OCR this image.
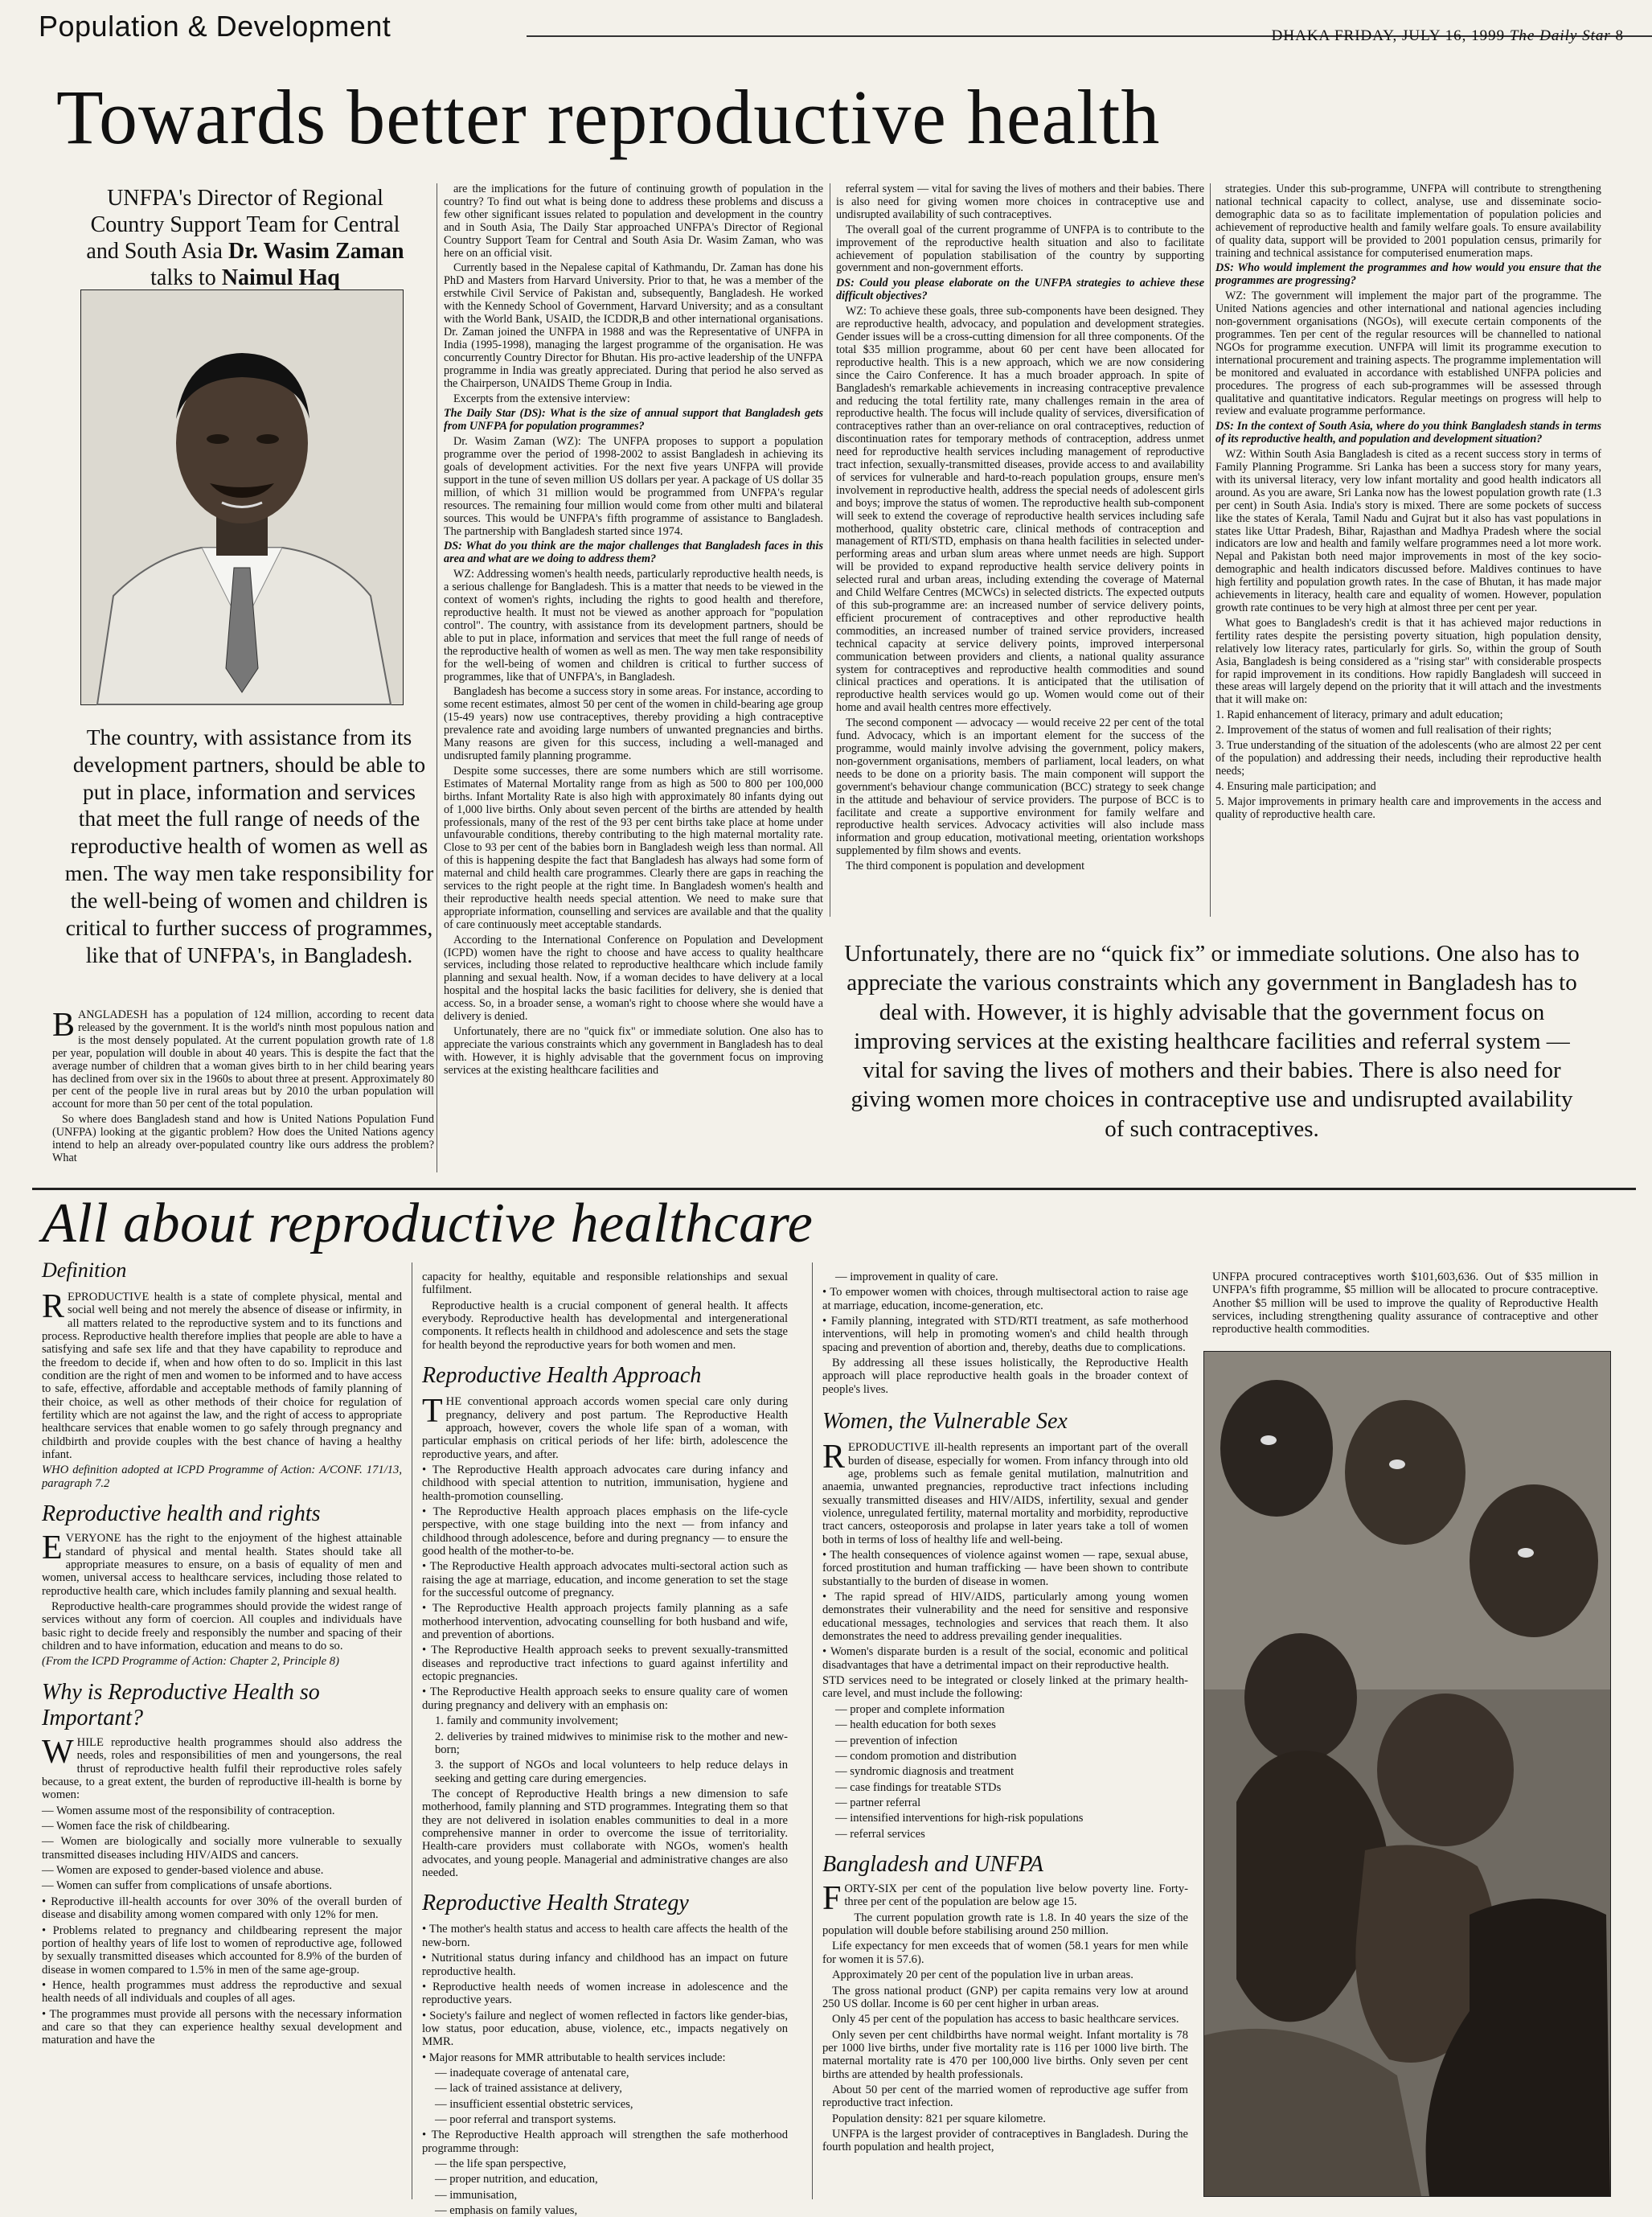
Population & Development	DHAKA FRIDAY, JULY 16, 1999 The Daily Star 8
Towards better reproductive health
UNFPA's Director of Regional Country Support Team for Central and South Asia Dr. Wasim Zaman
talks to Naimul Haq
The country, with assistance from its development partners, should be able to put in place, information and services that meet the full range of needs of the reproductive health of women as well as men. The way men take responsibility for the well-being of women and children is critical to further success of programmes, like that of UNFPA's, in Bangladesh.

BANGLADESH has a population of 124 million, according to recent data released by the government. It is the world's ninth most populous nation and is the most densely populated. At the current population growth rate of 1.8 per year, population will double in about 40 years. This is despite the fact that the average number of children that a woman gives birth to in her child bearing years has declined from over six in the 1960s to about three at present. Approximately 80 per cent of the people live in rural areas but by 2010 the urban population will account for more than 50 per cent of the total population.

So where does Bangladesh stand and how is United Nations Population Fund (UNFPA) looking at the gigantic problem? How does the United Nations agency intend to help an already over-populated country like ours address the problem? What

are the implications for the future of continuing growth of population in the country? To find out what is being done to address these problems and discuss a few other significant issues related to population and development in the country and in South Asia, The Daily Star approached UNFPA's Director of Regional Country Support Team for Central and South Asia Dr. Wasim Zaman, who was here on an official visit.

Currently based in the Nepalese capital of Kathmandu, Dr. Zaman has done his PhD and Masters from Harvard University. Prior to that, he was a member of the erstwhile Civil Service of Pakistan and, subsequently, Bangladesh. He worked with the Kennedy School of Government, Harvard University; and as a consultant with the World Bank, USAID, the ICDDR,B and other international organisations. Dr. Zaman joined the UNFPA in 1988 and was the Representative of UNFPA in India (1995-1998), managing the largest programme of the organisation. He was concurrently Country Director for Bhutan. His pro-active leadership of the UNFPA programme in India was greatly appreciated. During that period he also served as the Chairperson, UNAIDS Theme Group in India.

Excerpts from the extensive interview:

The Daily Star (DS): What is the size of annual support that Bangladesh gets from UNFPA for population programmes?

Dr. Wasim Zaman (WZ): The UNFPA proposes to support a population programme over the period of 1998-2002 to assist Bangladesh in achieving its goals of development activities. For the next five years UNFPA will provide support in the tune of seven million US dollars per year. A package of US dollar 35 million, of which 31 million would be programmed from UNFPA's regular resources. The remaining four million would come from other multi and bilateral sources. This would be UNFPA's fifth programme of assistance to Bangladesh. The partnership with Bangladesh started since 1974.

DS: What do you think are the major challenges that Bangladesh faces in this area and what are we doing to address them?

WZ: Addressing women's health needs, particularly reproductive health needs, is a serious challenge for Bangladesh. This is a matter that needs to be viewed in the context of women's rights, including the rights to good health and therefore, reproductive health. It must not be viewed as another approach for "population control". The country, with assistance from its development partners, should be able to put in place, information and services that meet the full range of needs of the reproductive health of women as well as men. The way men take responsibility for the well-being of women and children is critical to further success of programmes, like that of UNFPA's, in Bangladesh.

Bangladesh has become a success story in some areas. For instance, according to some recent estimates, almost 50 per cent of the women in child-bearing age group (15-49 years) now use contraceptives, thereby providing a high contraceptive prevalence rate and avoiding large numbers of unwanted pregnancies and births. Many reasons are given for this success, including a well-managed and undisrupted family planning programme.

Despite some successes, there are some numbers which are still worrisome. Estimates of Maternal Mortality range from as high as 500 to 800 per 100,000 births. Infant Mortality Rate is also high with approximately 80 infants dying out of 1,000 live births. Only about seven percent of the births are attended by health professionals, many of the rest of the 93 per cent births take place at home under unfavourable conditions, thereby contributing to the high maternal mortality rate. Close to 93 per cent of the babies born in Bangladesh weigh less than normal. All of this is happening despite the fact that Bangladesh has always had some form of maternal and child health care programmes. Clearly there are gaps in reaching the services to the right people at the right time. In Bangladesh women's health and their reproductive health needs special attention. We need to make sure that appropriate information, counselling and services are available and that the quality of care continuously meet acceptable standards.

According to the International Conference on Population and Development (ICPD) women have the right to choose and have access to quality healthcare services, including those related to reproductive healthcare which include family planning and sexual health. Now, if a woman decides to have delivery at a local hospital and the hospital lacks the basic facilities for delivery, she is denied that access. So, in a broader sense, a woman's right to choose where she would have a delivery is denied.

Unfortunately, there are no "quick fix" or immediate solution. One also has to appreciate the various constraints which any government in Bangladesh has to deal with. However, it is highly advisable that the government focus on improving services at the existing healthcare facilities and

referral system — vital for saving the lives of mothers and their babies. There is also need for giving women more choices in contraceptive use and undisrupted availability of such contraceptives.

The overall goal of the current programme of UNFPA is to contribute to the improvement of the reproductive health situation and also to facilitate achievement of population stabilisation of the country by supporting government and non-government efforts.

DS: Could you please elaborate on the UNFPA strategies to achieve these difficult objectives?

WZ: To achieve these goals, three sub-components have been designed. They are reproductive health, advocacy, and population and development strategies. Gender issues will be a cross-cutting dimension for all three components. Of the total $35 million programme, about 60 per cent have been allocated for reproductive health. This is a new approach, which we are now considering since the Cairo Conference. It has a much broader approach. In spite of Bangladesh's remarkable achievements in increasing contraceptive prevalence and reducing the total fertility rate, many challenges remain in the area of reproductive health. The focus will include quality of services, diversification of contraceptives rather than an over-reliance on oral contraceptives, reduction of discontinuation rates for temporary methods of contraception, address unmet need for reproductive health services including management of reproductive tract infection, sexually-transmitted diseases, provide access to and availability of services for vulnerable and hard-to-reach population groups, ensure men's involvement in reproductive health, address the special needs of adolescent girls and boys; improve the status of women. The reproductive health sub-component will seek to extend the coverage of reproductive health services including safe motherhood, quality obstetric care, clinical methods of contraception and management of RTI/STD, emphasis on thana health facilities in selected under-performing areas and urban slum areas where unmet needs are high. Support will be provided to expand reproductive health service delivery points in selected rural and urban areas, including extending the coverage of Maternal and Child Welfare Centres (MCWCs) in selected districts. The expected outputs of this sub-programme are: an increased number of service delivery points, efficient procurement of contraceptives and other reproductive health commodities, an increased number of trained service providers, increased technical capacity at service delivery points, improved interpersonal communication between providers and clients, a national quality assurance system for contraceptives and reproductive health commodities and sound clinical practices and operations. It is anticipated that the utilisation of reproductive health services would go up. Women would come out of their home and avail health centres more effectively.

The second component — advocacy — would receive 22 per cent of the total fund. Advocacy, which is an important element for the success of the programme, would mainly involve advising the government, policy makers, non-government organisations, members of parliament, local leaders, on what needs to be done on a priority basis. The main component will support the government's behaviour change communication (BCC) strategy to seek change in the attitude and behaviour of service providers. The purpose of BCC is to facilitate and create a supportive environment for family welfare and reproductive health services. Advocacy activities will also include mass information and group education, motivational meeting, orientation workshops supplemented by film shows and events.

The third component is population and development

strategies. Under this sub-programme, UNFPA will contribute to strengthening national technical capacity to collect, analyse, use and disseminate socio-demographic data so as to facilitate implementation of population policies and achievement of reproductive health and family welfare goals. To ensure availability of quality data, support will be provided to 2001 population census, primarily for training and technical assistance for computerised enumeration maps.

DS: Who would implement the programmes and how would you ensure that the programmes are progressing?

WZ: The government will implement the major part of the programme. The United Nations agencies and other international and national agencies including non-government organisations (NGOs), will execute certain components of the programmes. Ten per cent of the regular resources will be channelled to national NGOs for programme execution. UNFPA will limit its programme execution to international procurement and training aspects. The programme implementation will be monitored and evaluated in accordance with established UNFPA policies and procedures. The progress of each sub-programmes will be assessed through qualitative and quantitative indicators. Regular meetings on progress will help to review and evaluate programme performance.

DS: In the context of South Asia, where do you think Bangladesh stands in terms of its reproductive health, and population and development situation?

WZ: Within South Asia Bangladesh is cited as a recent success story in terms of Family Planning Programme. Sri Lanka has been a success story for many years, with its universal literacy, very low infant mortality and good health indicators all around. As you are aware, Sri Lanka now has the lowest population growth rate (1.3 per cent) in South Asia. India's story is mixed. There are some pockets of success like the states of Kerala, Tamil Nadu and Gujrat but it also has vast populations in states like Uttar Pradesh, Bihar, Rajasthan and Madhya Pradesh where the social indicators are low and health and family welfare programmes need a lot more work. Nepal and Pakistan both need major improvements in most of the key socio-demographic and health indicators discussed before. Maldives continues to have high fertility and population growth rates. In the case of Bhutan, it has made major achievements in literacy, health care and equality of women. However, population growth rate continues to be very high at almost three per cent per year.

What goes to Bangladesh's credit is that it has achieved major reductions in fertility rates despite the persisting poverty situation, high population density, relatively low literacy rates, particularly for girls. So, within the group of South Asia, Bangladesh is being considered as a "rising star" with considerable prospects for rapid improvement in its conditions. How rapidly Bangladesh will succeed in these areas will largely depend on the priority that it will attach and the investments that it will make on:

1. Rapid enhancement of literacy, primary and adult education;

2. Improvement of the status of women and full realisation of their rights;

3. True understanding of the situation of the adolescents (who are almost 22 per cent of the population) and addressing their needs, including their reproductive health needs;

4. Ensuring male participation; and

5. Major improvements in primary health care and improvements in the access and quality of reproductive health care.

Unfortunately, there are no “quick fix” or immediate solutions. One also has to appreciate the various constraints which any government in Bangladesh has to deal with. However, it is highly advisable that the government focus on improving services at the existing healthcare facilities and referral system — vital for saving the lives of mothers and their babies. There is also need for giving women more choices in contraceptive use and undisrupted availability of such contraceptives.
All about reproductive healthcare
Definition

REPRODUCTIVE health is a state of complete physical, mental and social well being and not merely the absence of disease or infirmity, in all matters related to the reproductive system and to its functions and process. Reproductive health therefore implies that people are able to have a satisfying and safe sex life and that they have capability to reproduce and the freedom to decide if, when and how often to do so. Implicit in this last condition are the right of men and women to be informed and to have access to safe, effective, affordable and acceptable methods of family planning of their choice, as well as other methods of their choice for regulation of fertility which are not against the law, and the right of access to appropriate healthcare services that enable women to go safely through pregnancy and childbirth and provide couples with the best chance of having a healthy infant.

WHO definition adopted at ICPD Programme of Action: A/CONF. 171/13, paragraph 7.2

Reproductive health and rights

EVERYONE has the right to the enjoyment of the highest attainable standard of physical and mental health. States should take all appropriate measures to ensure, on a basis of equality of men and women, universal access to healthcare services, including those related to reproductive health care, which includes family planning and sexual health.

Reproductive health-care programmes should provide the widest range of services without any form of coercion. All couples and individuals have basic right to decide freely and responsibly the number and spacing of their children and to have information, education and means to do so.

(From the ICPD Programme of Action: Chapter 2, Principle 8)

Why is Reproductive Health so Important?

WHILE reproductive health programmes should also address the needs, roles and responsibilities of men and youngersons, the real thrust of reproductive health fulfil their reproductive roles safely because, to a great extent, the burden of reproductive ill-health is borne by women:

— Women assume most of the responsibility of contraception.

— Women face the risk of childbearing.

— Women are biologically and socially more vulnerable to sexually transmitted diseases including HIV/AIDS and cancers.

— Women are exposed to gender-based violence and abuse.

— Women can suffer from complications of unsafe abortions.

• Reproductive ill-health accounts for over 30% of the overall burden of disease and disability among women compared with only 12% for men.

• Problems related to pregnancy and childbearing represent the major portion of healthy years of life lost to women of reproductive age, followed by sexually transmitted diseases which accounted for 8.9% of the burden of disease in women compared to 1.5% in men of the same age-group.

• Hence, health programmes must address the reproductive and sexual health needs of all individuals and couples of all ages.

• The programmes must provide all persons with the necessary information and care so that they can experience healthy sexual development and maturation and have the

capacity for healthy, equitable and responsible relationships and sexual fulfilment.

Reproductive health is a crucial component of general health. It affects everybody. Reproductive health has developmental and intergenerational components. It reflects health in childhood and adolescence and sets the stage for health beyond the reproductive years for both women and men.

Reproductive Health Approach

THE conventional approach accords women special care only during pregnancy, delivery and post partum. The Reproductive Health approach, however, covers the whole life span of a woman, with particular emphasis on critical periods of her life: birth, adolescence the reproductive years, and after.

• The Reproductive Health approach advocates care during infancy and childhood with special attention to nutrition, immunisation, hygiene and health-promotion counselling.

• The Reproductive Health approach places emphasis on the life-cycle perspective, with one stage building into the next — from infancy and childhood through adolescence, before and during pregnancy — to ensure the good health of the mother-to-be.

• The Reproductive Health approach advocates multi-sectoral action such as raising the age at marriage, education, and income generation to set the stage for the successful outcome of pregnancy.

• The Reproductive Health approach projects family planning as a safe motherhood intervention, advocating counselling for both husband and wife, and prevention of abortions.

• The Reproductive Health approach seeks to prevent sexually-transmitted diseases and reproductive tract infections to guard against infertility and ectopic pregnancies.

• The Reproductive Health approach seeks to ensure quality care of women during pregnancy and delivery with an emphasis on:

1. family and community involvement;

2. deliveries by trained midwives to minimise risk to the mother and new-born;

3. the support of NGOs and local volunteers to help reduce delays in seeking and getting care during emergencies.

The concept of Reproductive Health brings a new dimension to safe motherhood, family planning and STD programmes. Integrating them so that they are not delivered in isolation enables communities to deal in a more comprehensive manner in order to overcome the issue of territoriality. Health-care providers must collaborate with NGOs, women's health advocates, and young people. Managerial and administrative changes are also needed.

Reproductive Health Strategy

• The mother's health status and access to health care affects the health of the new-born.

• Nutritional status during infancy and childhood has an impact on future reproductive health.

• Reproductive health needs of women increase in adolescence and the reproductive years.

• Society's failure and neglect of women reflected in factors like gender-bias, low status, poor education, abuse, violence, etc., impacts negatively on MMR.

• Major reasons for MMR attributable to health services include:

— inadequate coverage of antenatal care,

— lack of trained assistance at delivery,

— insufficient essential obstetric services,

— poor referral and transport systems.

• The Reproductive Health approach will strengthen the safe motherhood programme through:

— the life span perspective,

— proper nutrition, and education,

— immunisation,

— emphasis on family values,

— improvement in quality of care.

• To empower women with choices, through multisectoral action to raise age at marriage, education, income-generation, etc.

• Family planning, integrated with STD/RTI treatment, as safe motherhood interventions, will help in promoting women's and child health through spacing and prevention of abortion and, thereby, deaths due to complications.

By addressing all these issues holistically, the Reproductive Health approach will place reproductive health goals in the broader context of people's lives.

Women, the Vulnerable Sex

REPRODUCTIVE ill-health represents an important part of the overall burden of disease, especially for women. From infancy through into old age, problems such as female genital mutilation, malnutrition and anaemia, unwanted pregnancies, reproductive tract infections including sexually transmitted diseases and HIV/AIDS, infertility, sexual and gender violence, unregulated fertility, maternal mortality and morbidity, reproductive tract cancers, osteoporosis and prolapse in later years take a toll of women both in terms of loss of healthy life and well-being.

• The health consequences of violence against women — rape, sexual abuse, forced prostitution and human trafficking — have been shown to contribute substantially to the burden of disease in women.

• The rapid spread of HIV/AIDS, particularly among young women demonstrates their vulnerability and the need for sensitive and responsive educational messages, technologies and services that reach them. It also demonstrates the need to address prevailing gender inequalities.

• Women's disparate burden is a result of the social, economic and political disadvantages that have a detrimental impact on their reproductive health.

STD services need to be integrated or closely linked at the primary health-care level, and must include the following:

— proper and complete information

— health education for both sexes

— prevention of infection

— condom promotion and distribution

— syndromic diagnosis and treatment

— case findings for treatable STDs

— partner referral

— intensified interventions for high-risk populations

— referral services

Bangladesh and UNFPA

FORTY-SIX per cent of the population live below poverty line. Forty-three per cent of the population are below age 15.

The current population growth rate is 1.8. In 40 years the size of the population will double before stabilising around 250 million.

Life expectancy for men exceeds that of women (58.1 years for men while for women it is 57.6).

Approximately 20 per cent of the population live in urban areas.

The gross national product (GNP) per capita remains very low at around 250 US dollar. Income is 60 per cent higher in urban areas.

Only 45 per cent of the population has access to basic healthcare services.

Only seven per cent childbirths have normal weight. Infant mortality is 78 per 1000 live births, under five mortality rate is 116 per 1000 live birth. The maternal mortality rate is 470 per 100,000 live births. Only seven per cent births are attended by health professionals.

About 50 per cent of the married women of reproductive age suffer from reproductive tract infection.

Population density: 821 per square kilometre.

UNFPA is the largest provider of contraceptives in Bangladesh. During the fourth population and health project,

UNFPA procured contraceptives worth $101,603,636. Out of $35 million in UNFPA's fifth programme, $5 million will be allocated to procure contraceptive. Another $5 million will be used to improve the quality of Reproductive Health services, including strengthening quality assurance of contraceptive and other reproductive health commodities.
